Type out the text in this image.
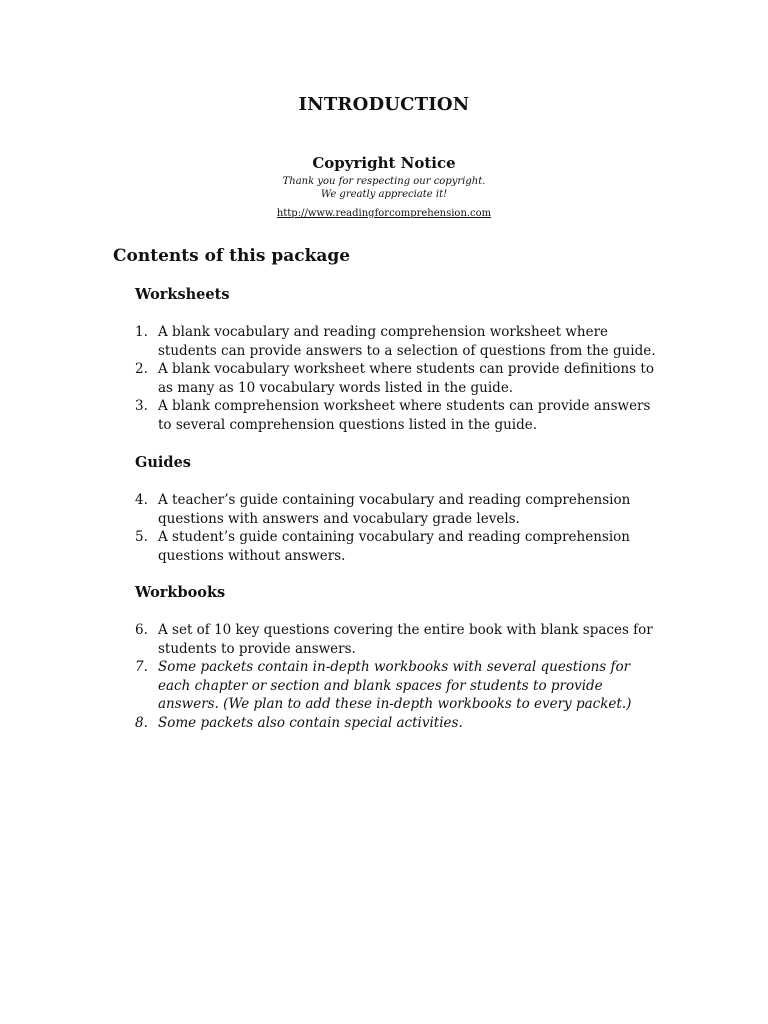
INTRODUCTION
Copyright Notice
Thank you for respecting our copyright.
We greatly appreciate it!
http://www.readingforcomprehension.com
Contents of this package
Worksheets
1. A blank vocabulary and reading comprehension worksheet where students can provide answers to a selection of questions from the guide.
2. A blank vocabulary worksheet where students can provide definitions to as many as 10 vocabulary words listed in the guide.
3. A blank comprehension worksheet where students can provide answers to several comprehension questions listed in the guide.
Guides
4. A teacher’s guide containing vocabulary and reading comprehension questions with answers and vocabulary grade levels.
5. A student’s guide containing vocabulary and reading comprehension questions without answers.
Workbooks
6. A set of 10 key questions covering the entire book with blank spaces for students to provide answers.
7. Some packets contain in-depth workbooks with several questions for each chapter or section and blank spaces for students to provide answers. (We plan to add these in-depth workbooks to every packet.)
8. Some packets also contain special activities.
